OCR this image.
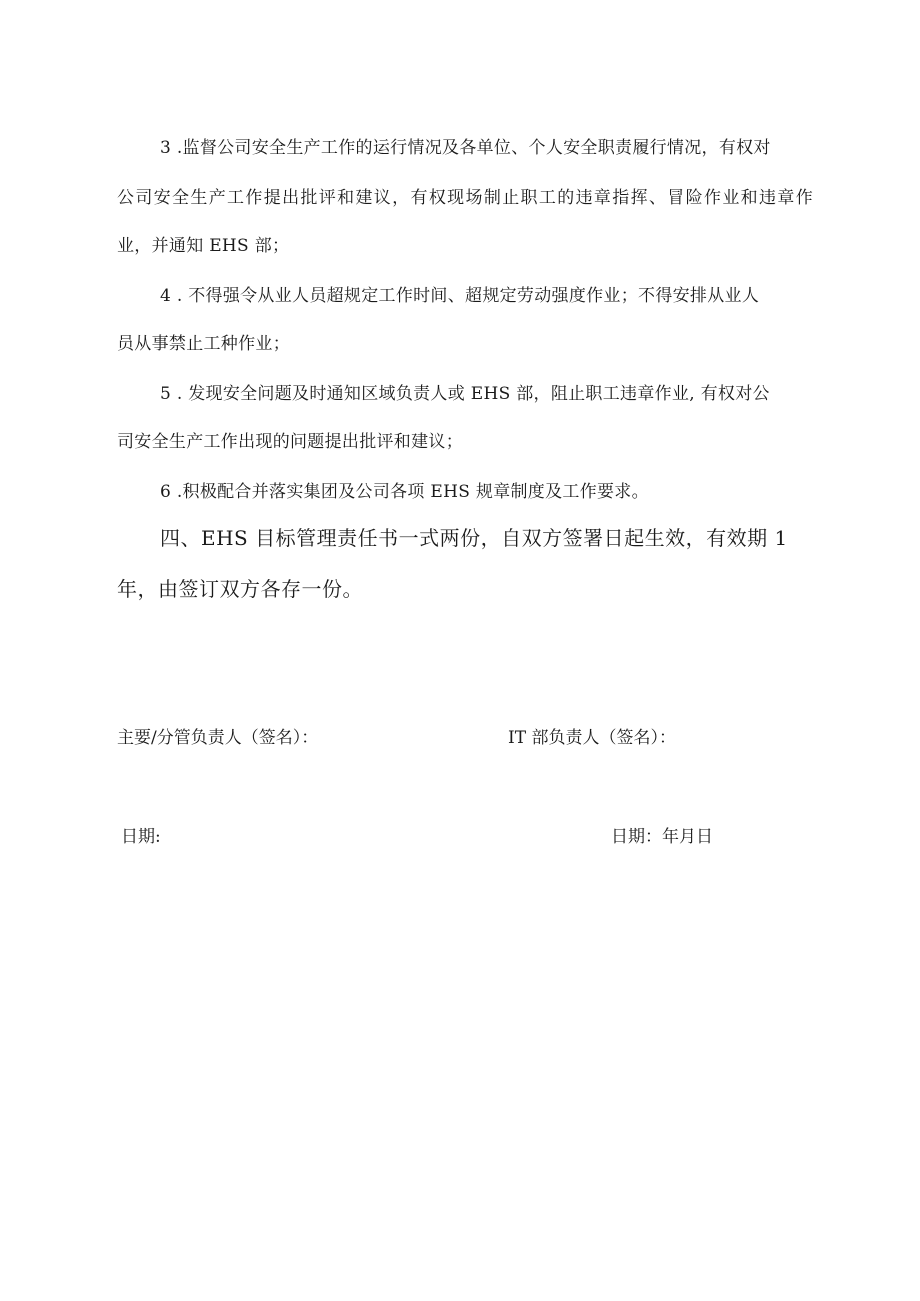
3 .监督公司安全生产工作的运行情况及各单位、个人安全职责履行情况，有权对
公司安全生产工作提出批评和建议，有权现场制止职工的违章指挥、冒险作业和违章作
业，并通知 EHS 部；
4 . 不得强令从业人员超规定工作时间、超规定劳动强度作业；不得安排从业人
员从事禁止工种作业；
5 . 发现安全问题及时通知区域负责人或 EHS 部，阻止职工违章作业, 有权对公
司安全生产工作出现的问题提出批评和建议；
6 .积极配合并落实集团及公司各项 EHS 规章制度及工作要求。
四、EHS 目标管理责任书一式两份，自双方签署日起生效，有效期 1
年，由签订双方各存一份。
主要/分管负责人（签名）：	IT 部负责人（签名）：
日期:	日期：年月日
